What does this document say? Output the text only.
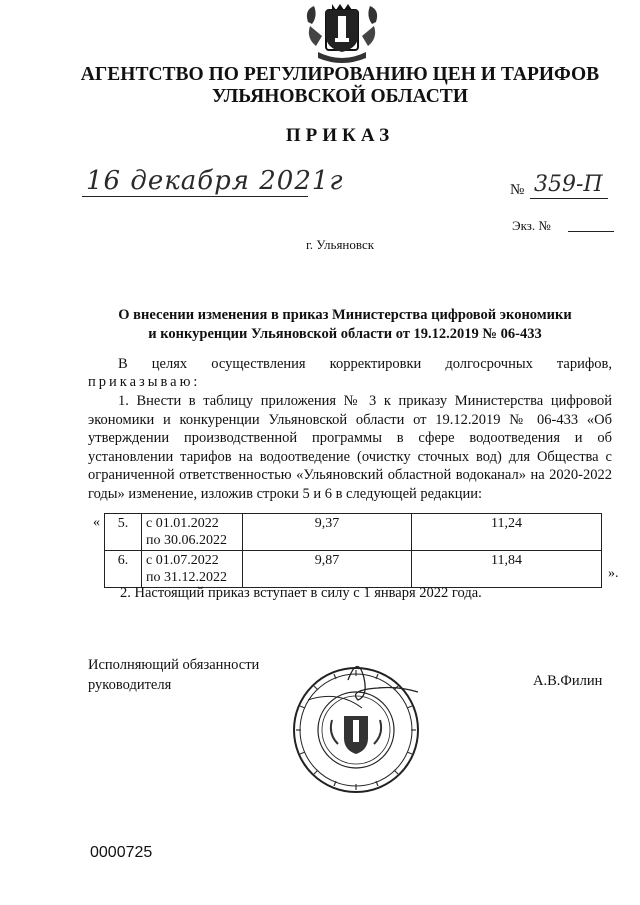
АГЕНТСТВО ПО РЕГУЛИРОВАНИЮ ЦЕН И ТАРИФОВ
УЛЬЯНОВСКОЙ ОБЛАСТИ
ПРИКАЗ
16 декабря 2021г	№ 359-П
Экз. №
г. Ульяновск
О внесении изменения в приказ Министерства цифровой экономики
и конкуренции Ульяновской области от 19.12.2019 № 06-433
В целях осуществления корректировки долгосрочных тарифов,
приказываю:
1. Внести в таблицу приложения № 3 к приказу Министерства цифровой экономики и конкуренции Ульяновской области от 19.12.2019 № 06-433 «Об утверждении производственной программы в сфере водоотведения и об установлении тарифов на водоотведение (очистку сточных вод) для Общества с ограниченной ответственностью «Ульяновский областной водоканал» на 2020-2022 годы» изменение, изложив строки 5 и 6 в следующей редакции:
« 5.	с 01.01.2022
по 30.06.2022	9,37	11,24
6.	с 01.07.2022
по 31.12.2022	9,87	11,84
».
2. Настоящий приказ вступает в силу с 1 января 2022 года.
Исполняющий обязанности
руководителя	А.В.Филин
0000725
